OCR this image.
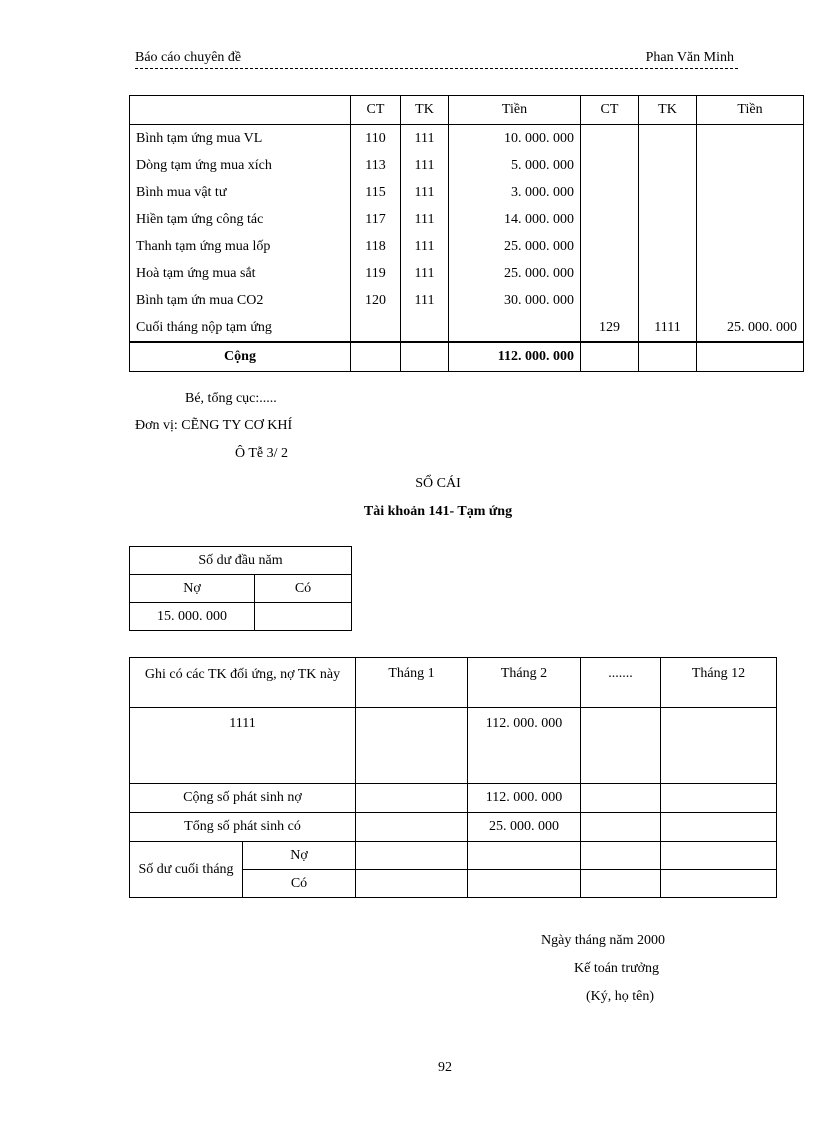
Báo cáo chuyên đề	Phan Văn Minh
	CT	TK	Tiền	CT	TK	Tiền
Bình tạm ứng mua VL	110	111	10. 000. 000			
Dòng tạm ứng mua xích	113	111	5. 000. 000			
Bình mua vật tư	115	111	3. 000. 000			
Hiền tạm ứng công tác	117	111	14. 000. 000			
Thanh tạm ứng mua lốp	118	111	25. 000. 000			
Hoà tạm ứng mua sắt	119	111	25. 000. 000			
Bình tạm ứn mua CO2	120	111	30. 000. 000			
Cuối tháng nộp tạm ứng				129	1111	25. 000. 000
Cộng			112. 000. 000			
Bé, tổng cục:.....
Đơn vị: CẼNG TY CƠ KHÍ
Ô Tễ 3/ 2
SỔ CÁI
Tài khoản 141- Tạm ứng
Số dư đầu năm	
Nợ	Có
15. 000. 000	
Ghi có các TK đối ứng, nợ TK này		Tháng 1	Tháng 2	.......	Tháng 12
1111			112. 000. 000		
Cộng số phát sinh nợ			112. 000. 000		
Tổng số phát sinh có			25. 000. 000		
Số dư cuối tháng	Nợ				
	Có				
Ngày tháng năm 2000
Kế toán trưởng
(Ký, họ tên)
92
